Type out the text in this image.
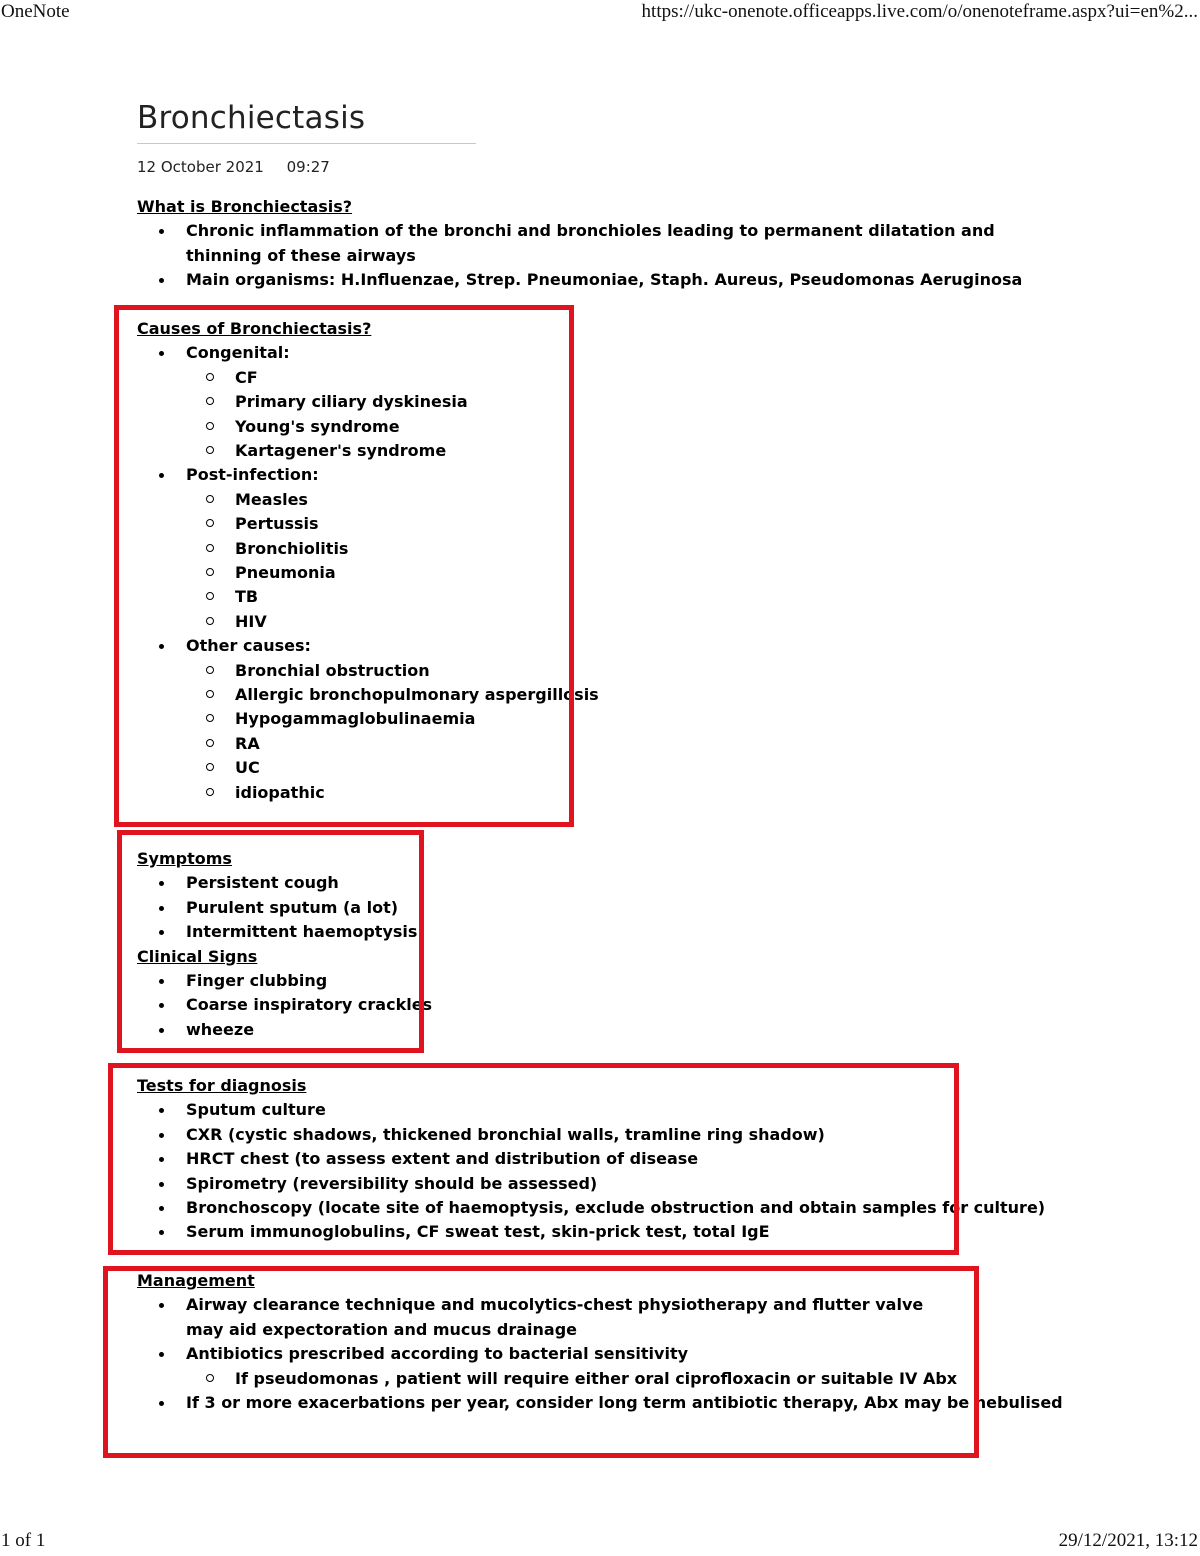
OneNote	https://ukc-onenote.officeapps.live.com/o/onenoteframe.aspx?ui=en%2...
Bronchiectasis
12 October 2021 09:27
What is Bronchiectasis?
Chronic inflammation of the bronchi and bronchioles leading to permanent dilatation and thinning of these airways
Main organisms: H.Influenzae, Strep. Pneumoniae, Staph. Aureus, Pseudomonas Aeruginosa
Causes of Bronchiectasis?
Congenital:
CF
Primary ciliary dyskinesia
Young's syndrome
Kartagener's syndrome
Post-infection:
Measles
Pertussis
Bronchiolitis
Pneumonia
TB
HIV
Other causes:
Bronchial obstruction
Allergic bronchopulmonary aspergillosis
Hypogammaglobulinaemia
RA
UC
idiopathic
Symptoms
Persistent cough
Purulent sputum (a lot)
Intermittent haemoptysis
Clinical Signs
Finger clubbing
Coarse inspiratory crackles
wheeze
Tests for diagnosis
Sputum culture
CXR (cystic shadows, thickened bronchial walls, tramline ring shadow)
HRCT chest (to assess extent and distribution of disease
Spirometry (reversibility should be assessed)
Bronchoscopy (locate site of haemoptysis, exclude obstruction and obtain samples for culture)
Serum immunoglobulins, CF sweat test, skin-prick test, total IgE
Management
Airway clearance technique and mucolytics-chest physiotherapy and flutter valve may aid expectoration and mucus drainage
Antibiotics prescribed according to bacterial sensitivity
If pseudomonas , patient will require either oral ciprofloxacin or suitable IV Abx
If 3 or more exacerbations per year, consider long term antibiotic therapy, Abx may be nebulised
1 of 1	29/12/2021, 13:12
